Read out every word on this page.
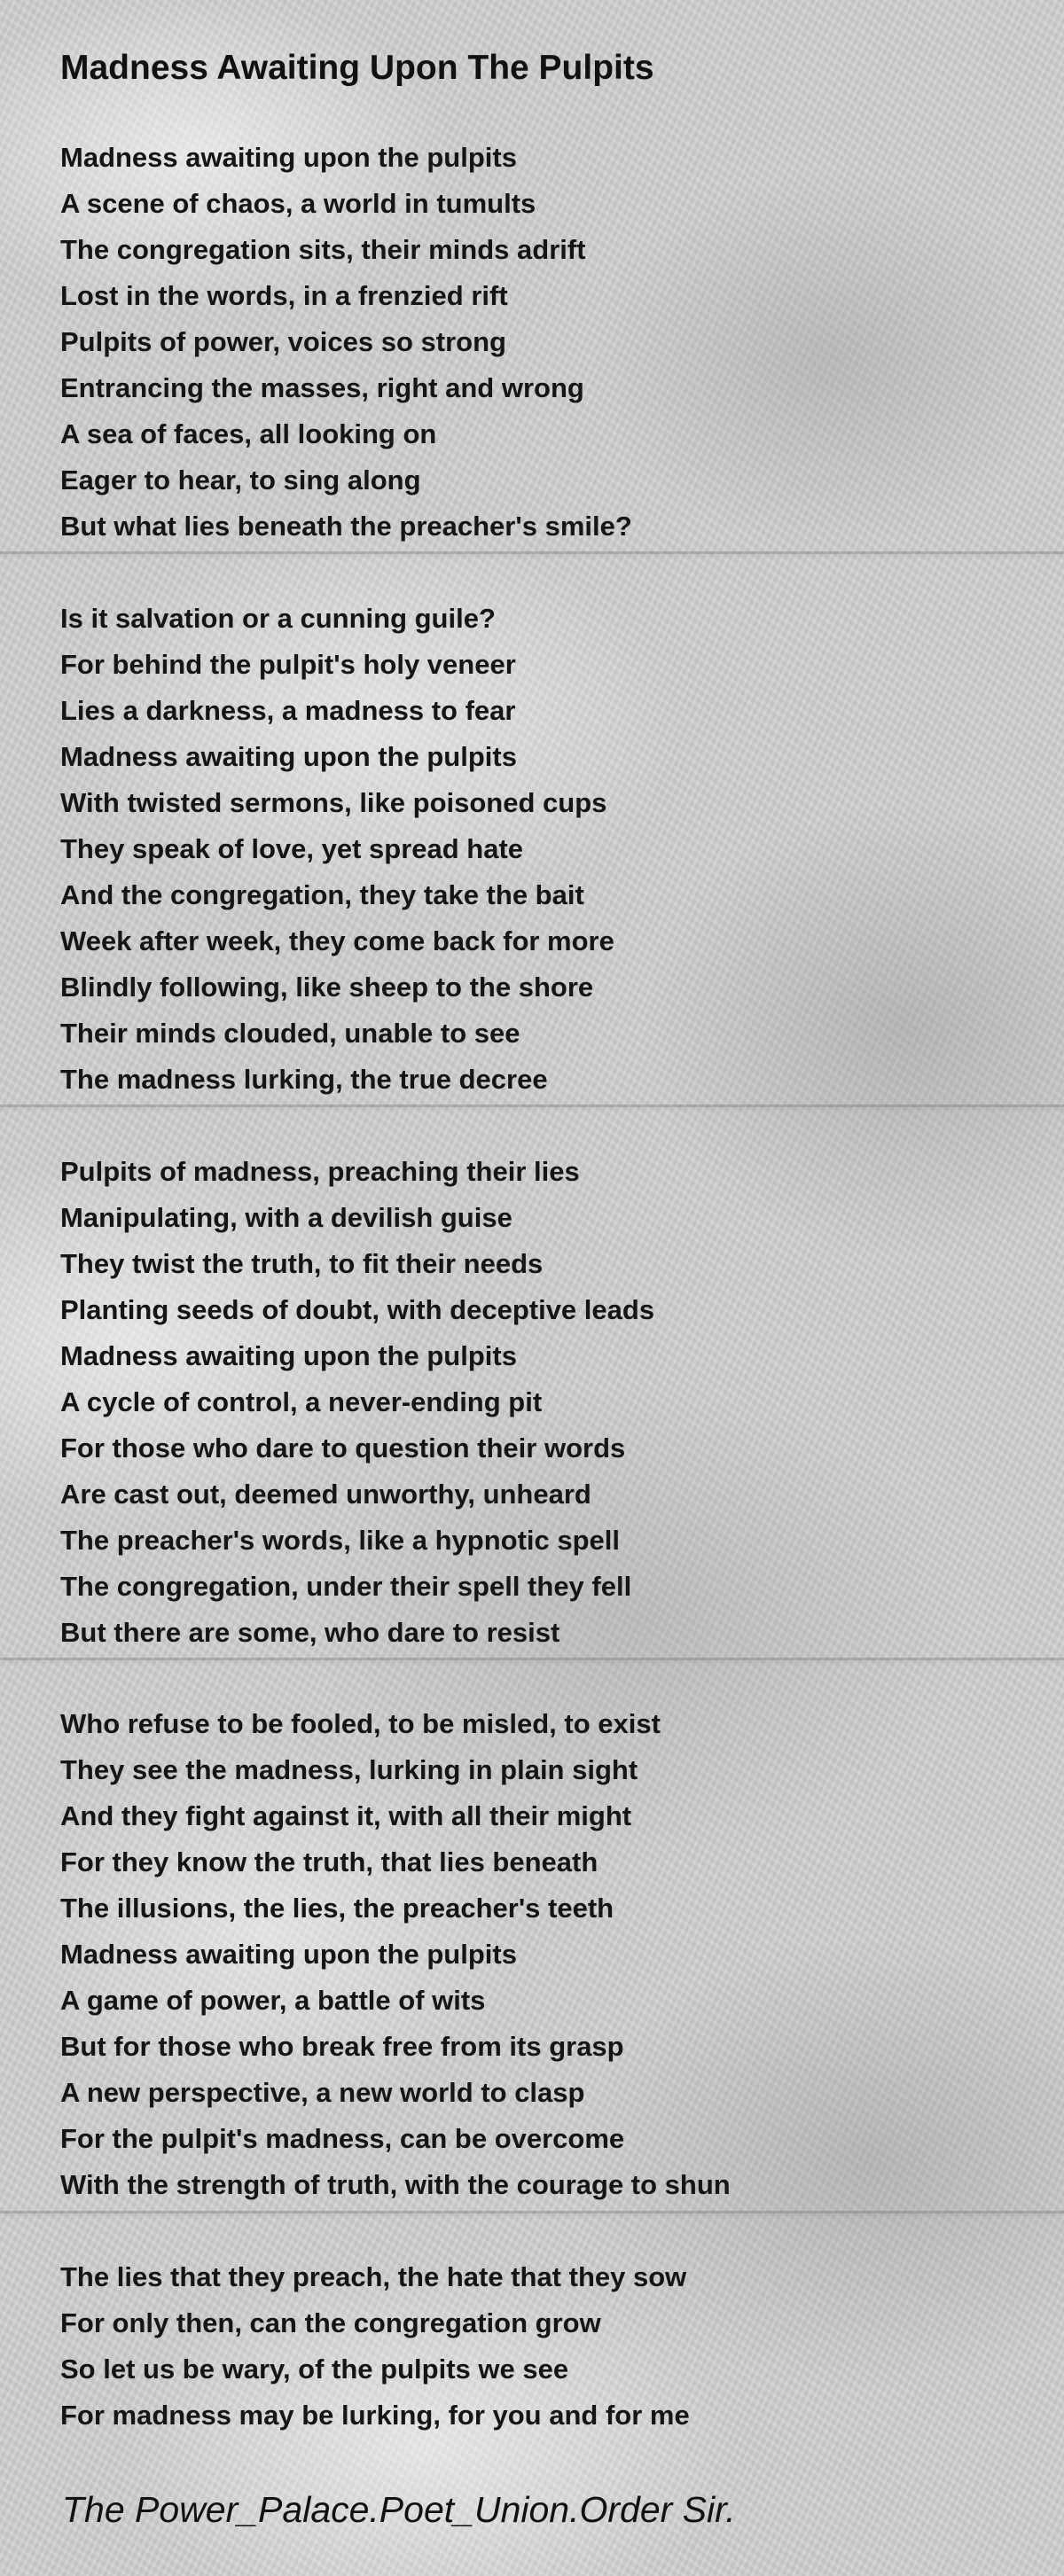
Madness Awaiting Upon The Pulpits
Madness awaiting upon the pulpits
A scene of chaos, a world in tumults
The congregation sits, their minds adrift
Lost in the words, in a frenzied rift
Pulpits of power, voices so strong
Entrancing the masses, right and wrong
A sea of faces, all looking on
Eager to hear, to sing along
But what lies beneath the preacher's smile?
Is it salvation or a cunning guile?
For behind the pulpit's holy veneer
Lies a darkness, a madness to fear
Madness awaiting upon the pulpits
With twisted sermons, like poisoned cups
They speak of love, yet spread hate
And the congregation, they take the bait
Week after week, they come back for more
Blindly following, like sheep to the shore
Their minds clouded, unable to see
The madness lurking, the true decree
Pulpits of madness, preaching their lies
Manipulating, with a devilish guise
They twist the truth, to fit their needs
Planting seeds of doubt, with deceptive leads
Madness awaiting upon the pulpits
A cycle of control, a never-ending pit
For those who dare to question their words
Are cast out, deemed unworthy, unheard
The preacher's words, like a hypnotic spell
The congregation, under their spell they fell
But there are some, who dare to resist
Who refuse to be fooled, to be misled, to exist
They see the madness, lurking in plain sight
And they fight against it, with all their might
For they know the truth, that lies beneath
The illusions, the lies, the preacher's teeth
Madness awaiting upon the pulpits
A game of power, a battle of wits
But for those who break free from its grasp
A new perspective, a new world to clasp
For the pulpit's madness, can be overcome
With the strength of truth, with the courage to shun
The lies that they preach, the hate that they sow
For only then, can the congregation grow
So let us be wary, of the pulpits we see
For madness may be lurking, for you and for me

The Power_Palace.Poet_Union.Order Sir.
